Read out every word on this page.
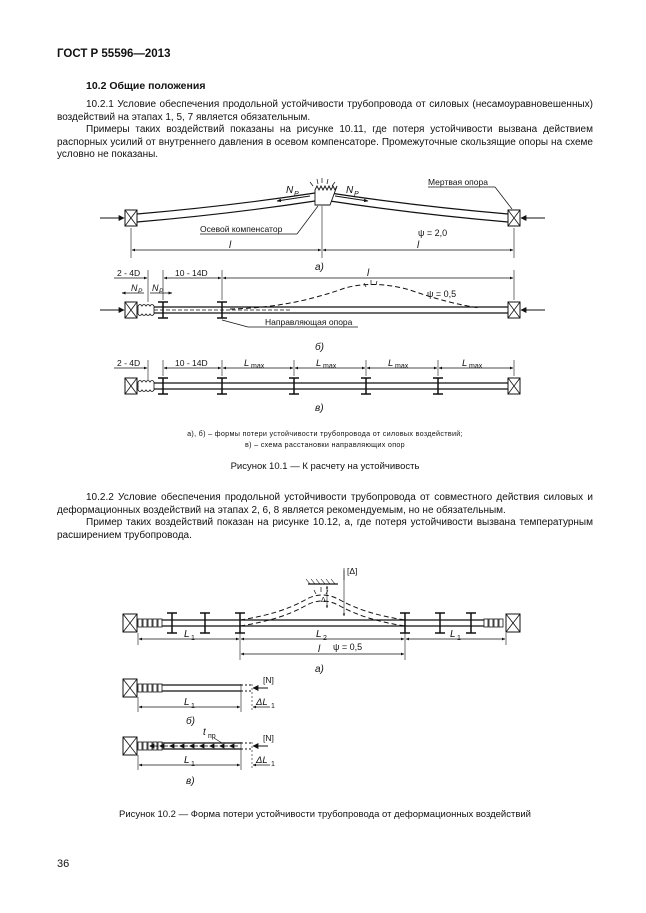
ГОСТ Р 55596—2013
10.2 Общие положения
10.2.1 Условие обеспечения продольной устойчивости трубопровода от силовых (несамоуравновешенных) воздействий на этапах 1, 5, 7 является обязательным.
Примеры таких воздействий показаны на рисунке 10.11, где потеря устойчивости вызвана действием распорных усилий от внутреннего давления в осевом компенсаторе. Промежуточные скользящие опоры на схеме условно не показаны.
N P	N P
Мертвая опора
Осевой компенсатор
l	l
ψ = 2,0
а)
N P N P
2 - 4D	10 - 14D	l
ψ = 0,5
Направляющая опора
б)
2 - 4D	10 - 14D	L max	L max	L max	L max
в)
а), б) – формы потери устойчивости трубопровода от силовых воздействий;
в) – схема расстановки направляющих опор
Рисунок 10.1 — К расчету на устойчивость
10.2.2 Условие обеспечения продольной устойчивости трубопровода от совместного действия силовых и деформационных воздействий на этапах 2, 6, 8 является рекомендуемым, но не обязательным.
Пример таких воздействий показан на рисунке 10.12, а, где потеря устойчивости вызвана температурным расширением трубопровода.
Δ
[Δ]
L 1	L 2	L 1
l ψ = 0,5
а)
[N]
L 1	ΔL 1
б)
[N]
t пр
L 1	ΔL 1
в)
Рисунок 10.2 — Форма потери устойчивости трубопровода от деформационных воздействий
36
